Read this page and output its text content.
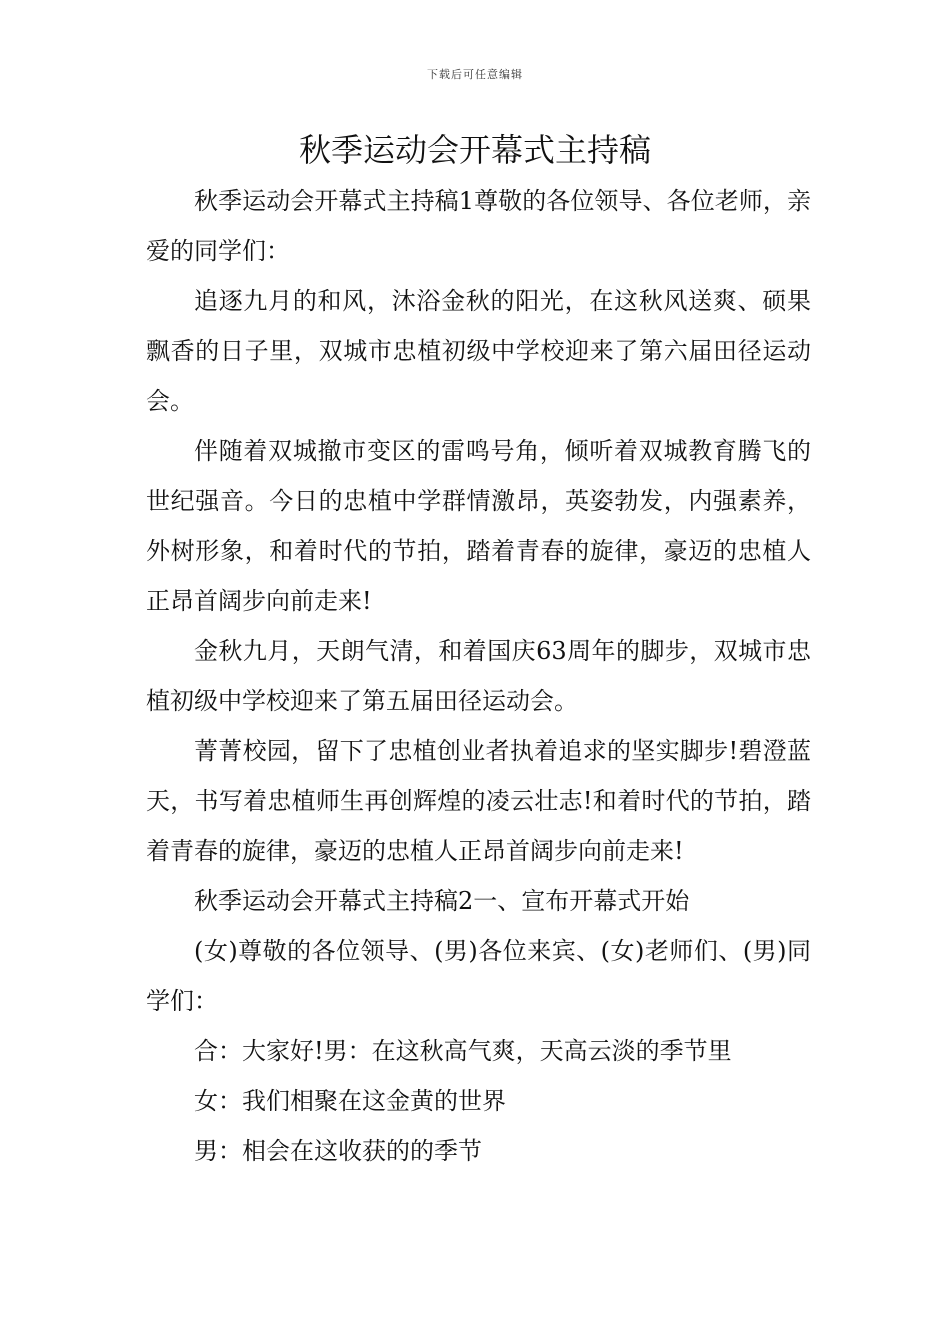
下载后可任意编辑
秋季运动会开幕式主持稿

秋季运动会开幕式主持稿1尊敬的各位领导、各位老师，亲爱的同学们：

追逐九月的和风，沐浴金秋的阳光，在这秋风送爽、硕果飘香的日子里，双城市忠植初级中学校迎来了第六届田径运动会。

伴随着双城撤市变区的雷鸣号角，倾听着双城教育腾飞的世纪强音。今日的忠植中学群情激昂，英姿勃发，内强素养，外树形象，和着时代的节拍，踏着青春的旋律，豪迈的忠植人正昂首阔步向前走来!

金秋九月，天朗气清，和着国庆63周年的脚步，双城市忠植初级中学校迎来了第五届田径运动会。

菁菁校园，留下了忠植创业者执着追求的坚实脚步!碧澄蓝天，书写着忠植师生再创辉煌的凌云壮志!和着时代的节拍，踏着青春的旋律，豪迈的忠植人正昂首阔步向前走来!

秋季运动会开幕式主持稿2一、宣布开幕式开始

(女)尊敬的各位领导、(男)各位来宾、(女)老师们、(男)同学们：

合：大家好!男：在这秋高气爽，天高云淡的季节里

女：我们相聚在这金黄的世界

男：相会在这收获的的季节
